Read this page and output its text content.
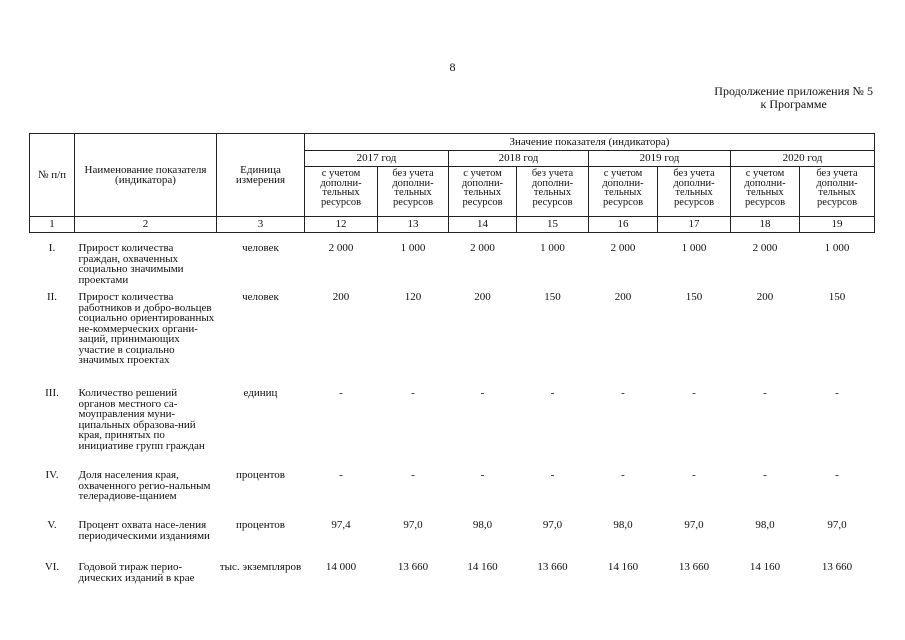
8
Продолжение приложения № 5
к Программе
№ п/п	Наименование показателя (индикатора)	Единица измерения	Значение показателя (индикатора)							
			2017 год		2018 год		2019 год		2020 год	
			с учетом дополни-тельных ресурсов	без учета дополни-тельных ресурсов	с учетом дополни-тельных ресурсов	без учета дополни-тельных ресурсов	с учетом дополни-тельных ресурсов	без учета дополни-тельных ресурсов	с учетом дополни-тельных ресурсов	без учета дополни-тельных ресурсов
1	2	3	12	13	14	15	16	17	18	19
I.	Прирост количества граждан, охваченных социально значимыми проектами	человек	2 000	1 000	2 000	1 000	2 000	1 000	2 000	1 000
II.	Прирост количества работников и добро-вольцев социально ориентированных не-коммерческих органи-заций, принимающих участие в социально значимых проектах	человек	200	120	200	150	200	150	200	150
III.	Количество решений органов местного са-моуправления муни-ципальных образова-ний края, принятых по инициативе групп граждан	единиц	-	-	-	-	-	-	-	-
IV.	Доля населения края, охваченного регио-нальным телерадиове-щанием	процентов	-	-	-	-	-	-	-	-
V.	Процент охвата насе-ления периодическими изданиями	процентов	97,4	97,0	98,0	97,0	98,0	97,0	98,0	97,0
VI.	Годовой тираж перио-дических изданий в крае	тыс. экземпляров	14 000	13 660	14 160	13 660	14 160	13 660	14 160	13 660
